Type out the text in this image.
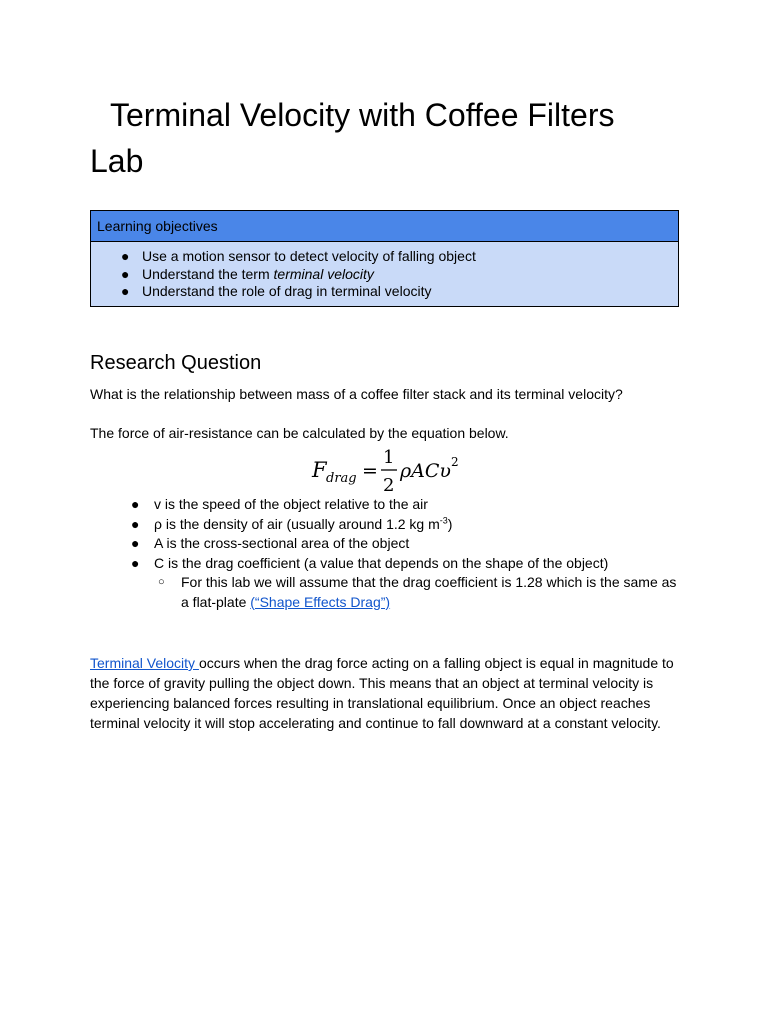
Terminal Velocity with Coffee Filters
Lab
Learning objectives
● Use a motion sensor to detect velocity of falling object
● Understand the term terminal velocity
● Understand the role of drag in terminal velocity
Research Question

What is the relationship between mass of a coffee filter stack and its terminal velocity?

The force of air-resistance can be calculated by the equation below.

F drag =
1
2
ρACυ 2
● v is the speed of the object relative to the air
● ρ is the density of air (usually around 1.2 kg $m^{-3}$)
● A is the cross-sectional area of the object
● C is the drag coefficient (a value that depends on the shape of the object)
○ For this lab we will assume that the drag coefficient is 1.28 which is the same as a flat-plate (“Shape Effects Drag”)

Terminal Velocity occurs when the drag force acting on a falling object is equal in magnitude to the force of gravity pulling the object down. This means that an object at terminal velocity is experiencing balanced forces resulting in translational equilibrium. Once an object reaches terminal velocity it will stop accelerating and continue to fall downward at a constant velocity.
